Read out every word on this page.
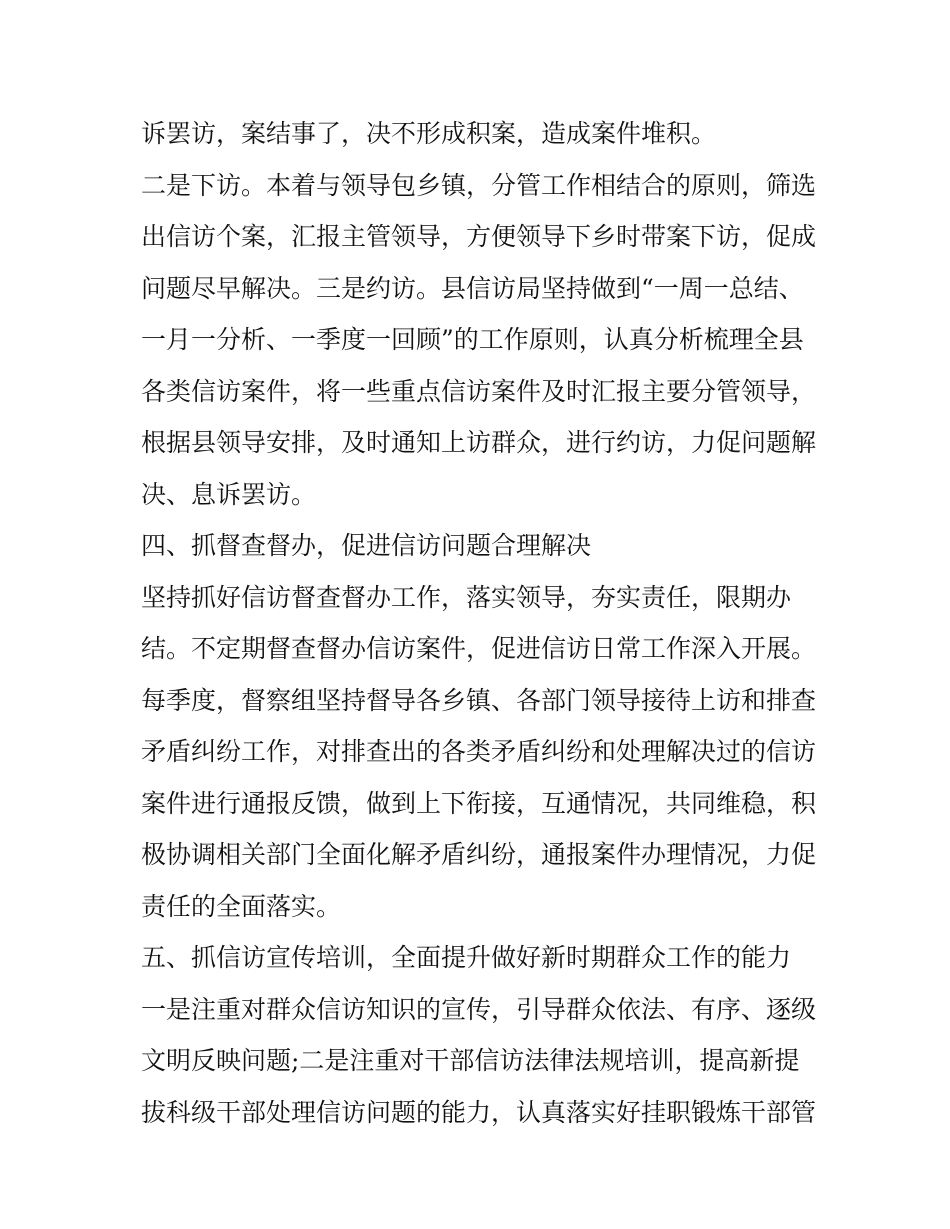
诉罢访，案结事了，决不形成积案，造成案件堆积。
二是下访。本着与领导包乡镇，分管工作相结合的原则，筛选
出信访个案，汇报主管领导，方便领导下乡时带案下访，促成
问题尽早解决。三是约访。县信访局坚持做到“一周一总结、
一月一分析、一季度一回顾”的工作原则，认真分析梳理全县
各类信访案件，将一些重点信访案件及时汇报主要分管领导，
根据县领导安排，及时通知上访群众，进行约访，力促问题解
决、息诉罢访。
四、抓督查督办，促进信访问题合理解决
坚持抓好信访督查督办工作，落实领导，夯实责任，限期办
结。不定期督查督办信访案件，促进信访日常工作深入开展。
每季度，督察组坚持督导各乡镇、各部门领导接待上访和排查
矛盾纠纷工作，对排查出的各类矛盾纠纷和处理解决过的信访
案件进行通报反馈，做到上下衔接，互通情况，共同维稳，积
极协调相关部门全面化解矛盾纠纷，通报案件办理情况，力促
责任的全面落实。
五、抓信访宣传培训，全面提升做好新时期群众工作的能力
一是注重对群众信访知识的宣传，引导群众依法、有序、逐级
文明反映问题;二是注重对干部信访法律法规培训，提高新提
拔科级干部处理信访问题的能力，认真落实好挂职锻炼干部管
